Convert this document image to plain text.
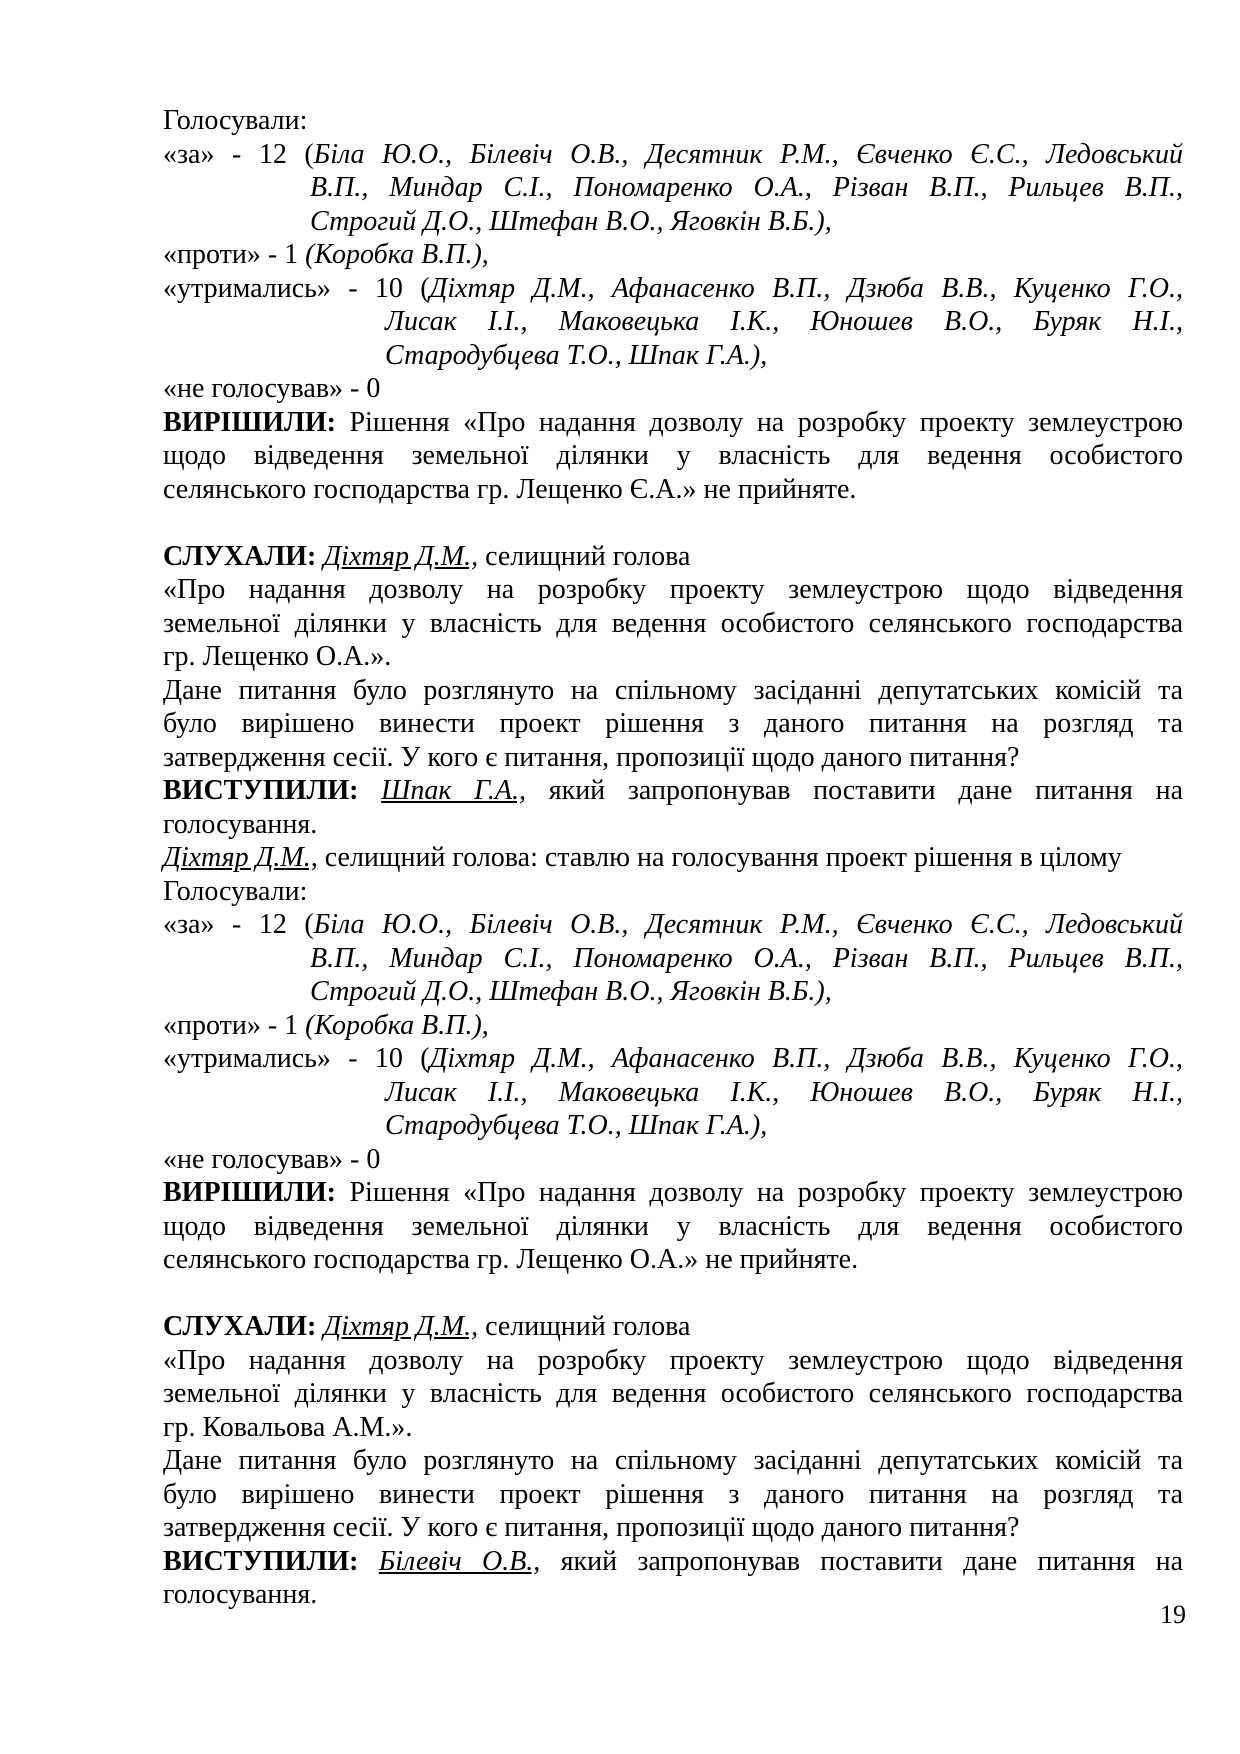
Голосували:
«за» - 12 (Біла Ю.О., Білевіч О.В., Десятник Р.М., Євченко Є.С., Ледовський
В.П., Миндар С.І., Пономаренко О.А., Різван В.П., Рильцев В.П.,
Строгий Д.О., Штефан В.О., Яговкін В.Б.),
«проти» - 1 (Коробка В.П.),
«утримались» - 10 (Діхтяр Д.М., Афанасенко В.П., Дзюба В.В., Куценко Г.О.,
Лисак І.І., Маковецька І.К., Юношев В.О., Буряк Н.І.,
Стародубцева Т.О., Шпак Г.А.),
«не голосував» - 0
ВИРІШИЛИ: Рішення «Про надання дозволу на розробку проекту землеустрою
щодо відведення земельної ділянки у власність для ведення особистого
селянського господарства гр. Лещенко Є.А.» не прийняте.
СЛУХАЛИ: Діхтяр Д.М., селищний голова
«Про надання дозволу на розробку проекту землеустрою щодо відведення
земельної ділянки у власність для ведення особистого селянського господарства
гр. Лещенко О.А.».
Дане питання було розглянуто на спільному засіданні депутатських комісій та
було вирішено винести проект рішення з даного питання на розгляд та
затвердження сесії. У кого є питання, пропозиції щодо даного питання?
ВИСТУПИЛИ: Шпак Г.А., який запропонував поставити дане питання на
голосування.
Діхтяр Д.М., селищний голова: ставлю на голосування проект рішення в цілому
Голосували:
«за» - 12 (Біла Ю.О., Білевіч О.В., Десятник Р.М., Євченко Є.С., Ледовський
В.П., Миндар С.І., Пономаренко О.А., Різван В.П., Рильцев В.П.,
Строгий Д.О., Штефан В.О., Яговкін В.Б.),
«проти» - 1 (Коробка В.П.),
«утримались» - 10 (Діхтяр Д.М., Афанасенко В.П., Дзюба В.В., Куценко Г.О.,
Лисак І.І., Маковецька І.К., Юношев В.О., Буряк Н.І.,
Стародубцева Т.О., Шпак Г.А.),
«не голосував» - 0
ВИРІШИЛИ: Рішення «Про надання дозволу на розробку проекту землеустрою
щодо відведення земельної ділянки у власність для ведення особистого
селянського господарства гр. Лещенко О.А.» не прийняте.
СЛУХАЛИ: Діхтяр Д.М., селищний голова
«Про надання дозволу на розробку проекту землеустрою щодо відведення
земельної ділянки у власність для ведення особистого селянського господарства
гр. Ковальова А.М.».
Дане питання було розглянуто на спільному засіданні депутатських комісій та
було вирішено винести проект рішення з даного питання на розгляд та
затвердження сесії. У кого є питання, пропозиції щодо даного питання?
ВИСТУПИЛИ: Білевіч О.В., який запропонував поставити дане питання на
голосування.
19
